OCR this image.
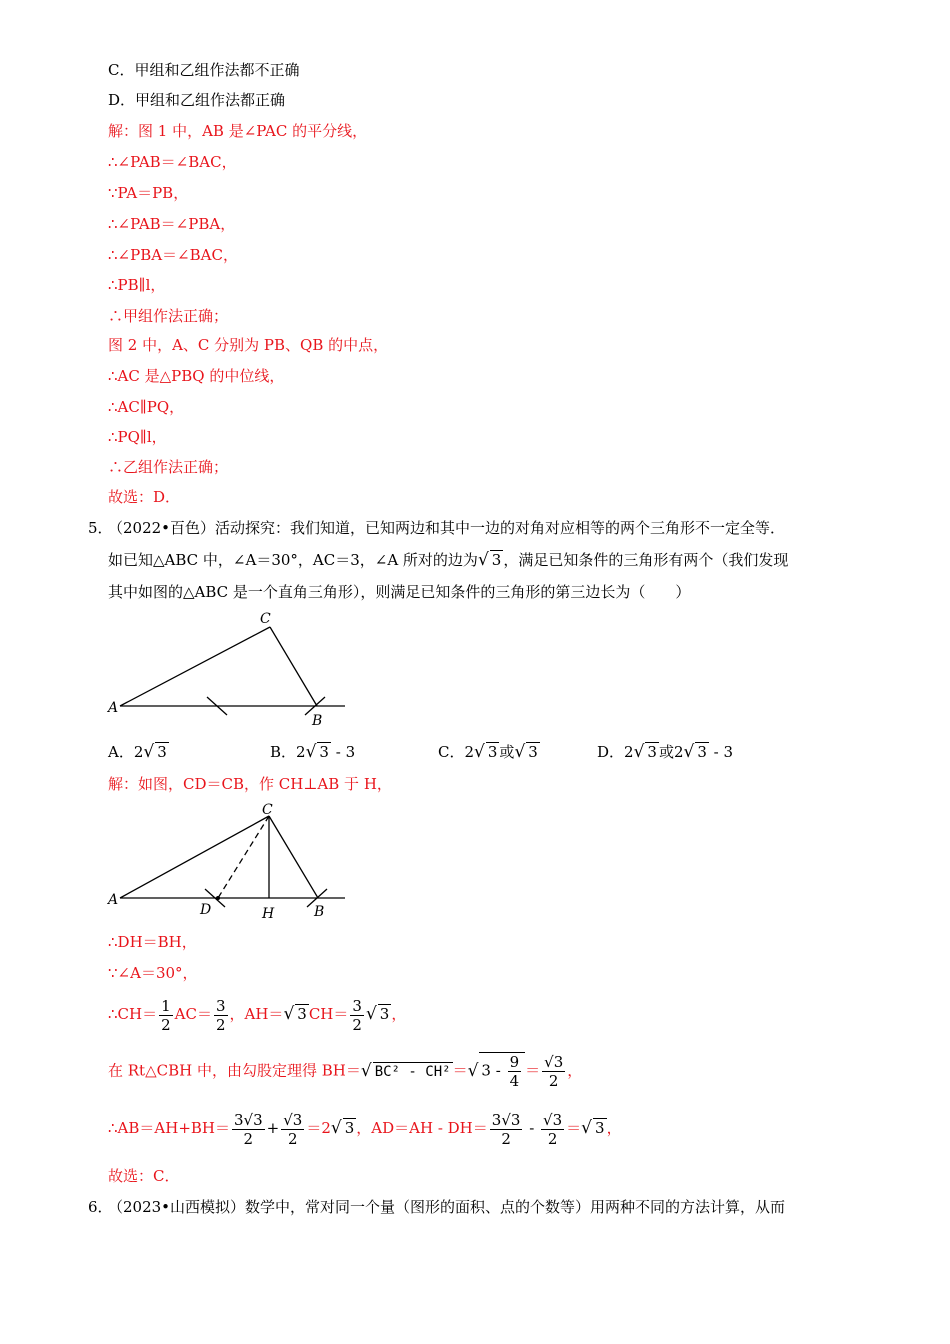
C．甲组和乙组作法都不正确
D．甲组和乙组作法都正确
解：图 1 中，AB 是∠PAC 的平分线，
∴∠PAB＝∠BAC，
∵PA＝PB，
∴∠PAB＝∠PBA，
∴∠PBA＝∠BAC，
∴PB∥l，
∴甲组作法正确；
图 2 中，A、C 分别为 PB、QB 的中点，
∴AC 是△PBQ 的中位线，
∴AC∥PQ，
∴PQ∥l，
∴乙组作法正确；
故选：D．
5．
（2022•百色）活动探究：我们知道，已知两边和其中一边的对角对应相等的两个三角形不一定全等．
如已知△ABC 中，∠A＝30°，AC＝3，∠A 所对的边为√ 3 ，满足已知条件的三角形有两个（我们发现
其中如图的△ABC 是一个直角三角形），则满足已知条件的三角形的第三边长为（　　）
A
C
B
A．2√ 3	B．2√ 3 - 3	C．2√ 3 或√ 3	D．2√ 3 或2√ 3 - 3
解：如图，CD＝CB，作 CH⊥AB 于 H，
A
C
D	H	B
∴DH＝BH，
∵∠A＝30°，
∴CH＝ $\frac{1}{2} AC= \frac{3}{2}$ ，AH＝√ 3 $CH= \frac{3}{2}$ √ 3 ，
在 Rt△CBH 中，由勾股定理得 BH＝√ BC² - CH² ＝√ $3 - \frac{9}{4} = \frac{√3}{2}$ ，
∴AB＝AH+BH＝ $\frac{3√3}{2} + \frac{√3}{2} =2√$ 3 ，$AD=AH - DH= \frac{3√3}{2} - \frac{√3}{2}$ ＝√ 3 ，
故选：C．
6．
（2023•山西模拟）数学中，常对同一个量（图形的面积、点的个数等）用两种不同的方法计算，从而
